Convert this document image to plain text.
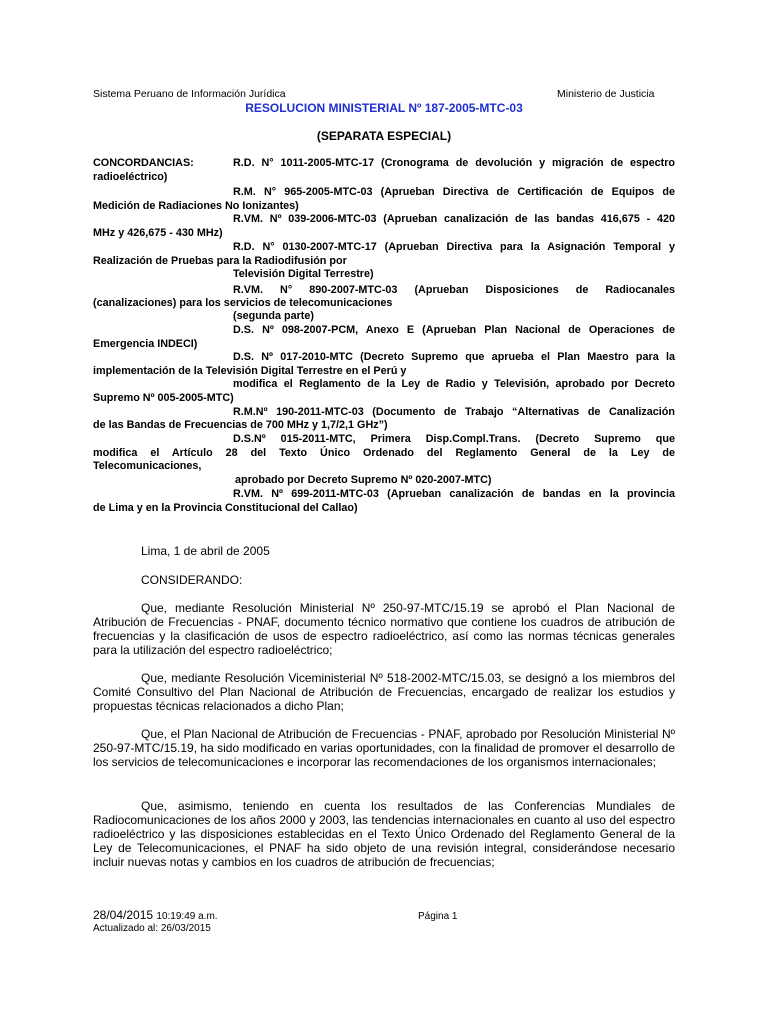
Sistema Peruano de Información Jurídica	Ministerio de Justicia
RESOLUCION MINISTERIAL Nº 187-2005-MTC-03
(SEPARATA ESPECIAL)
CONCORDANCIAS:	R.D. N° 1011-2005-MTC-17 (Cronograma de devolución y migración de espectro
radioeléctrico)
R.M. N° 965-2005-MTC-03 (Aprueban Directiva de Certificación de Equipos de
Medición de Radiaciones No Ionizantes)
R.VM. Nº 039-2006-MTC-03 (Aprueban canalización de las bandas 416,675 - 420
MHz y 426,675 - 430 MHz)
R.D. N° 0130-2007-MTC-17 (Aprueban Directiva para la Asignación Temporal y
Realización de Pruebas para la Radiodifusión por
Televisión Digital Terrestre)
R.VM. N° 890-2007-MTC-03 (Aprueban Disposiciones de Radiocanales
(canalizaciones) para los servicios de telecomunicaciones
(segunda parte)
D.S. Nº 098-2007-PCM, Anexo E (Aprueban Plan Nacional de Operaciones de
Emergencia INDECI)
D.S. Nº 017-2010-MTC (Decreto Supremo que aprueba el Plan Maestro para la
implementación de la Televisión Digital Terrestre en el Perú y
modifica el Reglamento de la Ley de Radio y Televisión, aprobado por Decreto
Supremo Nº 005-2005-MTC)
R.M.Nº 190-2011-MTC-03 (Documento de Trabajo “Alternativas de Canalización
de las Bandas de Frecuencias de 700 MHz y 1,7/2,1 GHz”)
D.S.Nº 015-2011-MTC, Primera Disp.Compl.Trans. (Decreto Supremo que
modifica el Artículo 28 del Texto Único Ordenado del Reglamento General de la Ley de
Telecomunicaciones,
aprobado por Decreto Supremo Nº 020-2007-MTC)
R.VM. Nº 699-2011-MTC-03 (Aprueban canalización de bandas en la provincia
de Lima y en la Provincia Constitucional del Callao)
Lima, 1 de abril de 2005
CONSIDERANDO:
Que, mediante Resolución Ministerial Nº 250-97-MTC/15.19 se aprobó el Plan Nacional de Atribución de Frecuencias - PNAF, documento técnico normativo que contiene los cuadros de atribución de frecuencias y la clasificación de usos de espectro radioeléctrico, así como las normas técnicas generales para la utilización del espectro radioeléctrico;
Que, mediante Resolución Viceministerial Nº 518-2002-MTC/15.03, se designó a los miembros del Comité Consultivo del Plan Nacional de Atribución de Frecuencias, encargado de realizar los estudios y propuestas técnicas relacionados a dicho Plan;
Que, el Plan Nacional de Atribución de Frecuencias - PNAF, aprobado por Resolución Ministerial Nº 250-97-MTC/15.19, ha sido modificado en varias oportunidades, con la finalidad de promover el desarrollo de los servicios de telecomunicaciones e incorporar las recomendaciones de los organismos internacionales;
Que, asimismo, teniendo en cuenta los resultados de las Conferencias Mundiales de Radiocomunicaciones de los años 2000 y 2003, las tendencias internacionales en cuanto al uso del espectro radioeléctrico y las disposiciones establecidas en el Texto Único Ordenado del Reglamento General de la Ley de Telecomunicaciones, el PNAF ha sido objeto de una revisión integral, considerándose necesario incluir nuevas notas y cambios en los cuadros de atribución de frecuencias;
28/04/2015 10:19:49 a.m.	Página 1
Actualizado al: 26/03/2015
